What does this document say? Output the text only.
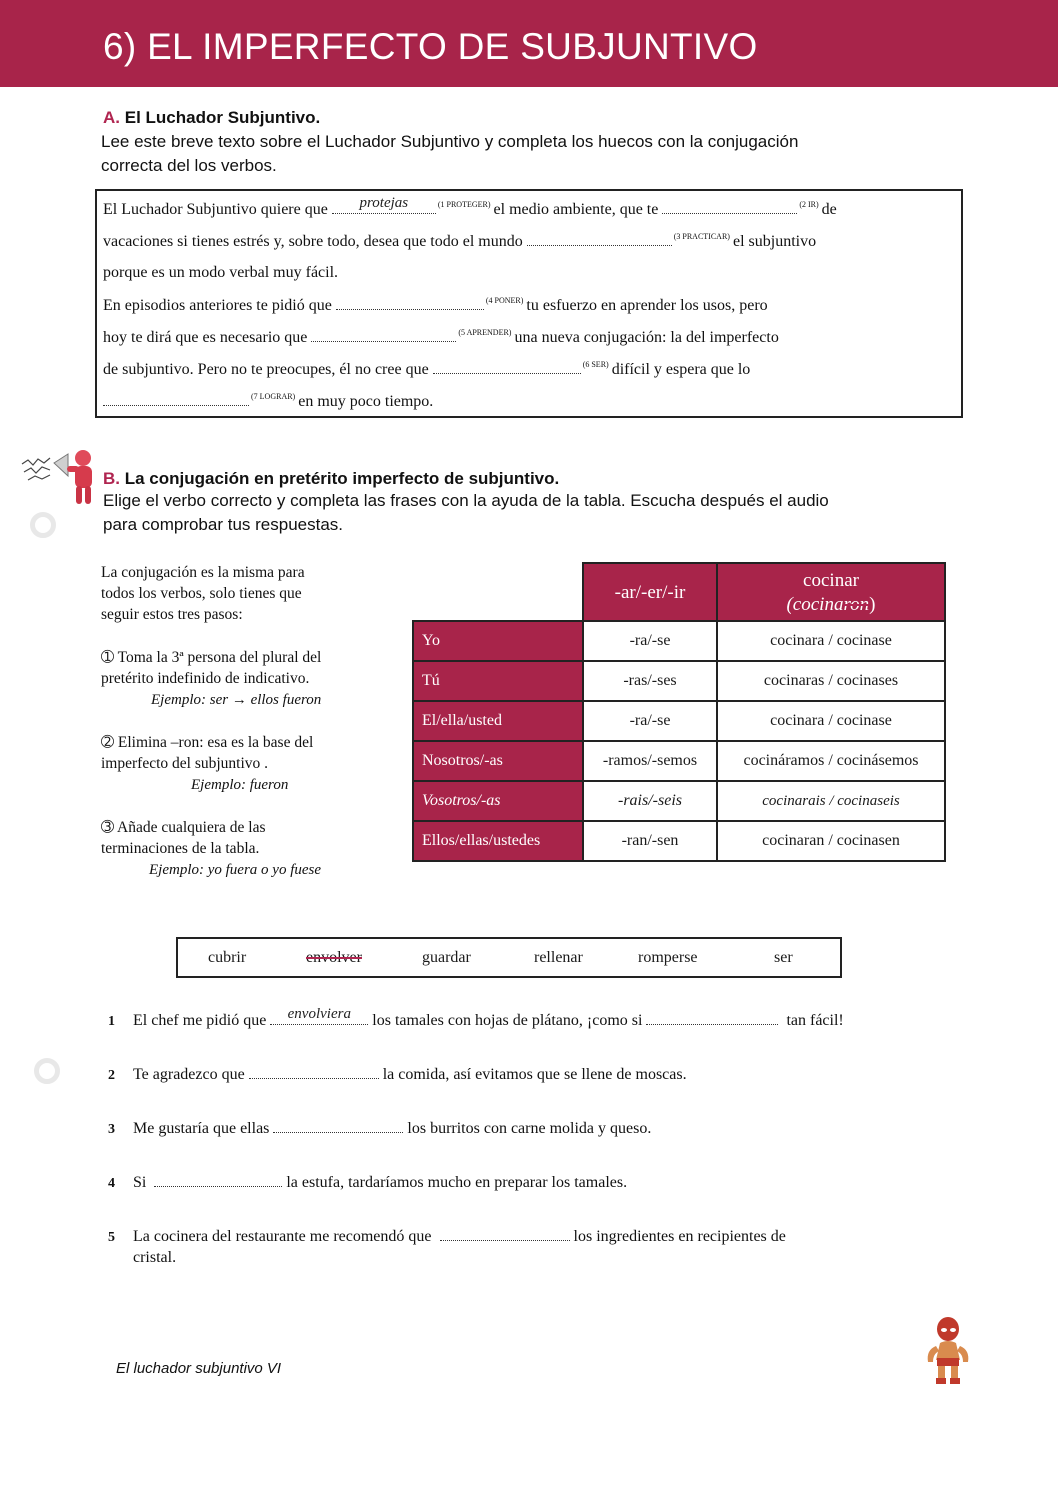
6) EL IMPERFECTO DE SUBJUNTIVO
A. El Luchador Subjuntivo.
Lee este breve texto sobre el Luchador Subjuntivo y completa los huecos con la conjugación
correcta del los verbos.
El Luchador Subjuntivo quiere que	protejas	$^{(1 PROTEGER)}$ el medio ambiente, que te	$^{(2 IR)}$ de
vacaciones si tienes estrés y, sobre todo, desea que todo el mundo	$^{(3 PRACTICAR)}$ el subjuntivo
porque es un modo verbal muy fácil.
En episodios anteriores te pidió que	$^{(4 PONER)}$ tu esfuerzo en aprender los usos, pero
hoy te dirá que es necesario que	$^{(5 APRENDER)}$ una nueva conjugación: la del imperfecto
de subjuntivo. Pero no te preocupes, él no cree que	$^{(6 SER)}$ difícil y espera que lo
$^{(7 LOGRAR)}$ en muy poco tiempo.
B. La conjugación en pretérito imperfecto de subjuntivo.
Elige el verbo correcto y completa las frases con la ayuda de la tabla. Escucha después el audio
para comprobar tus respuestas.
La conjugación es la misma para
todos los verbos, solo tienes que
seguir estos tres pasos:
➀ Toma la 3ª persona del plural del
pretérito indefinido de indicativo.
Ejemplo: ser → ellos fueron
➁ Elimina –ron: esa es la base del
imperfecto del subjuntivo .
Ejemplo: fueron
➂ Añade cualquiera de las
terminaciones de la tabla.
Ejemplo: yo fuera o yo fuese
	-ar/-er/-ir	cocinar
(cocinaron)

Yo	-ra/-se	cocinara / cocinase
Tú	-ras/-ses	cocinaras / cocinases
El/ella/usted	-ra/-se	cocinara / cocinase
Nosotros/-as	-ramos/-semos	cocináramos / cocinásemos
Vosotros/-as	-rais/-seis	cocinarais / cocinaseis
Ellos/ellas/ustedes	-ran/-sen	cocinaran / cocinasen
cubrir	envolver	guardar	rellenar	romperse	ser
1 El chef me pidió que	envolviera	los tamales con hojas de plátano, ¡como si	tan fácil!
2 Te agradezco que	la comida, así evitamos que se llene de moscas.
3 Me gustaría que ellas	los burritos con carne molida y queso.
4 Si	la estufa, tardaríamos mucho en preparar los tamales.
5 La cocinera del restaurante me recomendó que	los ingredientes en recipientes de
cristal.
El luchador subjuntivo VI
